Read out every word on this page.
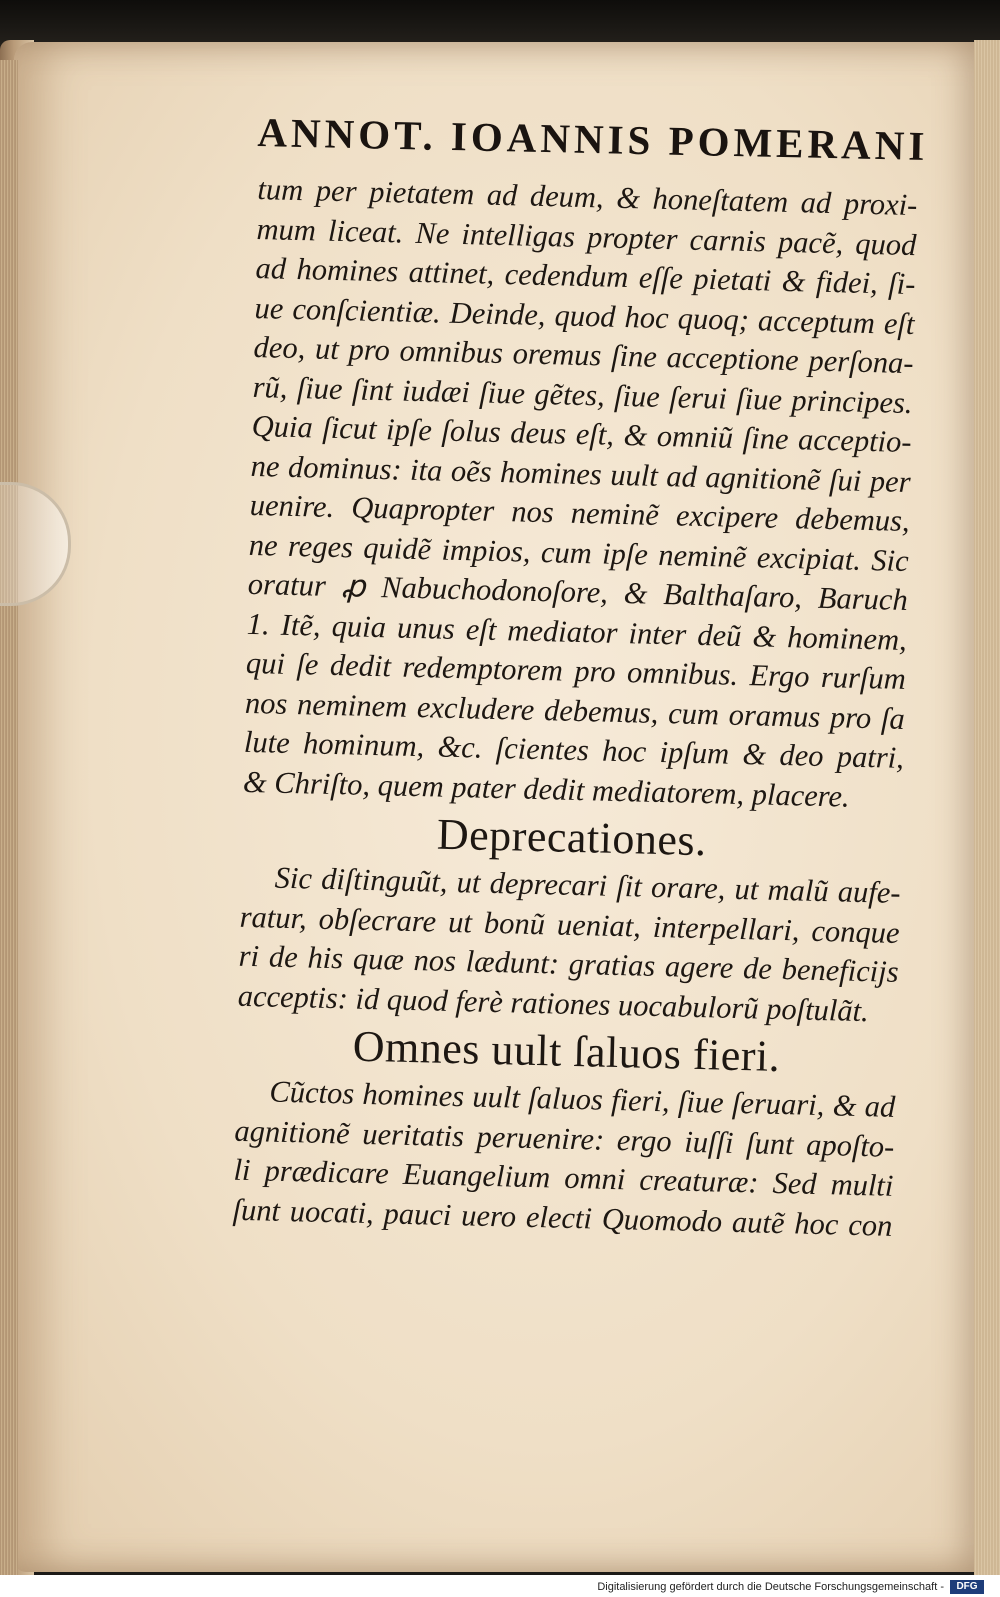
ANNOT. IOANNIS POMERANI
tum per pietatem ad deum, & honeſtatem ad proxi-
mum liceat. Ne intelligas propter carnis pacẽ, quod
ad homines attinet, cedendum eſſe pietati & fidei, ſi-
ue conſcientiæ. Deinde, quod hoc quoq; acceptum eſt
deo, ut pro omnibus oremus ſine acceptione perſona-
rũ, ſiue ſint iudæi ſiue gẽtes, ſiue ſerui ſiue principes.
Quia ſicut ipſe ſolus deus eſt, & omniũ ſine acceptio-
ne dominus: ita oẽs homines uult ad agnitionẽ ſui per
uenire. Quapropter nos neminẽ excipere debemus,
ne reges quidẽ impios, cum ipſe neminẽ excipiat. Sic
oratur ꝓ Nabuchodonoſore, & Balthaſaro, Baruch
1. Itẽ, quia unus eſt mediator inter deũ & hominem,
qui ſe dedit redemptorem pro omnibus. Ergo rurſum
nos neminem excludere debemus, cum oramus pro ſa
lute hominum, &c. ſcientes hoc ipſum & deo patri,
& Chriſto, quem pater dedit mediatorem, placere.
Deprecationes.
Sic diſtinguũt, ut deprecari ſit orare, ut malũ aufe-
ratur, obſecrare ut bonũ ueniat, interpellari, conque
ri de his quæ nos lædunt: gratias agere de beneficijs
acceptis: id quod ferè rationes uocabulorũ poſtulãt.
Omnes uult ſaluos fieri.
Cũctos homines uult ſaluos fieri, ſiue ſeruari, & ad
agnitionẽ ueritatis peruenire: ergo iuſſi ſunt apoſto-
li prædicare Euangelium omni creaturæ: Sed multi
ſunt uocati, pauci uero electi Quomodo autẽ hoc con
Digitalisierung gefördert durch die Deutsche Forschungsgemeinschaft -	DFG
